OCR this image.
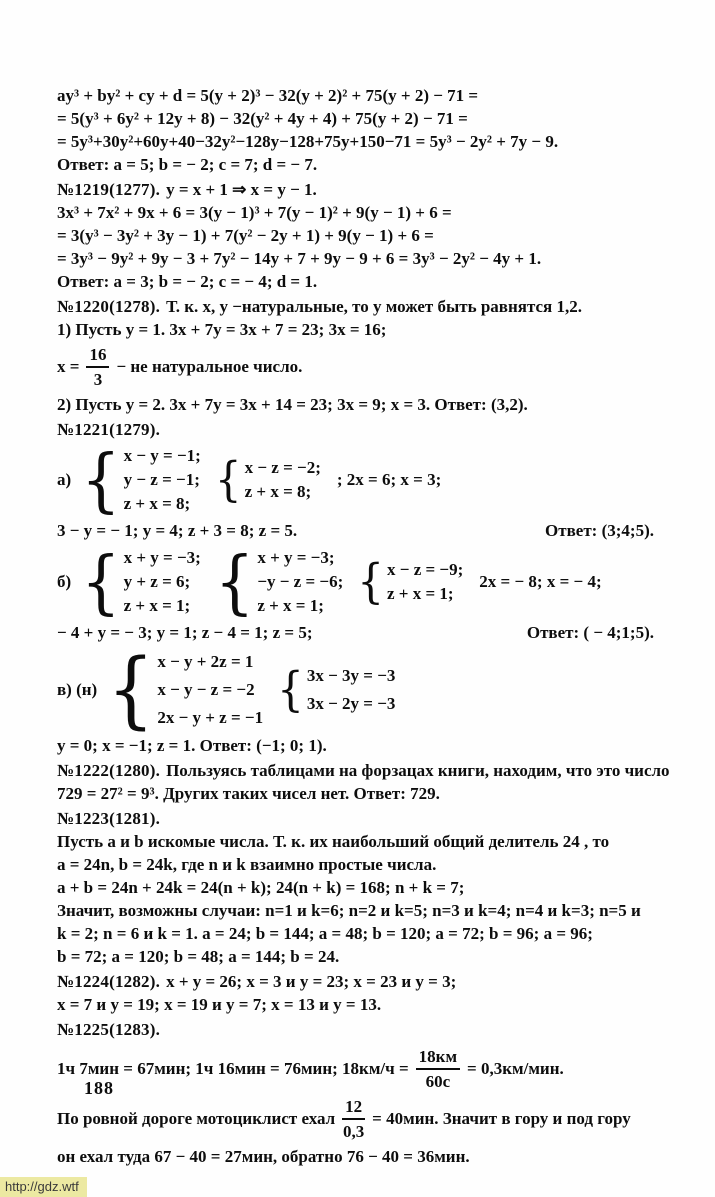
ay³ + by² + cy + d = 5(y + 2)³ − 32(y + 2)² + 75(y + 2) − 71 =
= 5(y³ + 6y² + 12y + 8) − 32(y² + 4y + 4) + 75(y + 2) − 71 =
= 5y³+30y²+60y+40−32y²−128y−128+75y+150−71 = 5y³ − 2y² + 7y − 9.
Ответ: a = 5; b = − 2; c = 7; d = − 7.
№1219(1277). y = x + 1 ⇒ x = y − 1.
3x³ + 7x² + 9x + 6 = 3(y − 1)³ + 7(y − 1)² + 9(y − 1) + 6 =
= 3(y³ − 3y² + 3y − 1) + 7(y² − 2y + 1) + 9(y − 1) + 6 =
= 3y³ − 9y² + 9y − 3 + 7y² − 14y + 7 + 9y − 9 + 6 = 3y³ − 2y² − 4y + 1.
Ответ: a = 3; b = − 2; c = − 4; d = 1.
№1220(1278). Т. к. x, y −натуральные, то y может быть равнятся 1,2.
1) Пусть y = 1. 3x + 7y = 3x + 7 = 23; 3x = 16;
$x = \frac{16}{3}$ − не натуральное число.
2) Пусть y = 2. 3x + 7y = 3x + 14 = 23; 3x = 9; x = 3. Ответ: (3,2).
№1221(1279).
а)
{
x − y = −1;
y − z = −1;
z + x = 8;
{
x − z = −2;
z + x = 8;
; 2x = 6; x = 3;
3 − y = − 1; y = 4; z + 3 = 8; z = 5.	Ответ: (3;4;5).
б)
{
x + y = −3;
y + z = 6;
z + x = 1;
{
x + y = −3;
−y − z = −6;
z + x = 1;
{
x − z = −9;
z + x = 1;
2x = − 8; x = − 4;
− 4 + y = − 3; y = 1; z − 4 = 1; z = 5;	Ответ: ( − 4;1;5).
в) (н)
{
x − y + 2z = 1
x − y − z = −2
2x − y + z = −1
{
3x − 3y = −3
3x − 2y = −3
y = 0; x = −1; z = 1. Ответ: (−1; 0; 1).
№1222(1280). Пользуясь таблицами на форзацах книги, находим, что это число
729 = 27² = 9³. Других таких чисел нет. Ответ: 729.
№1223(1281).
Пусть a и b искомые числа. Т. к. их наибольший общий делитель 24 , то
a = 24n, b = 24k, где n и k взаимно простые числа.
a + b = 24n + 24k = 24(n + k); 24(n + k) = 168; n + k = 7;
Значит, возможны случаи: n=1 и k=6; n=2 и k=5; n=3 и k=4; n=4 и k=3; n=5 и
k = 2; n = 6 и k = 1. a = 24; b = 144; a = 48; b = 120; a = 72; b = 96; a = 96;
b = 72; a = 120; b = 48; a = 144; b = 24.
№1224(1282). x + y = 26; x = 3 и y = 23; x = 23 и y = 3;
x = 7 и y = 19; x = 19 и y = 7; x = 13 и y = 13.
№1225(1283).
1ч 7мин = 67мин; 1ч 16мин = 76мин; $18км/ч = \frac{18км}{60с} = 0,3км/мин$.
По ровной дороге мотоциклист ехал $\frac{12}{0,3} = 40мин$. Значит в гору и под гору
он ехал туда 67 − 40 = 27мин, обратно 76 − 40 = 36мин.
188
http://gdz.wtf
